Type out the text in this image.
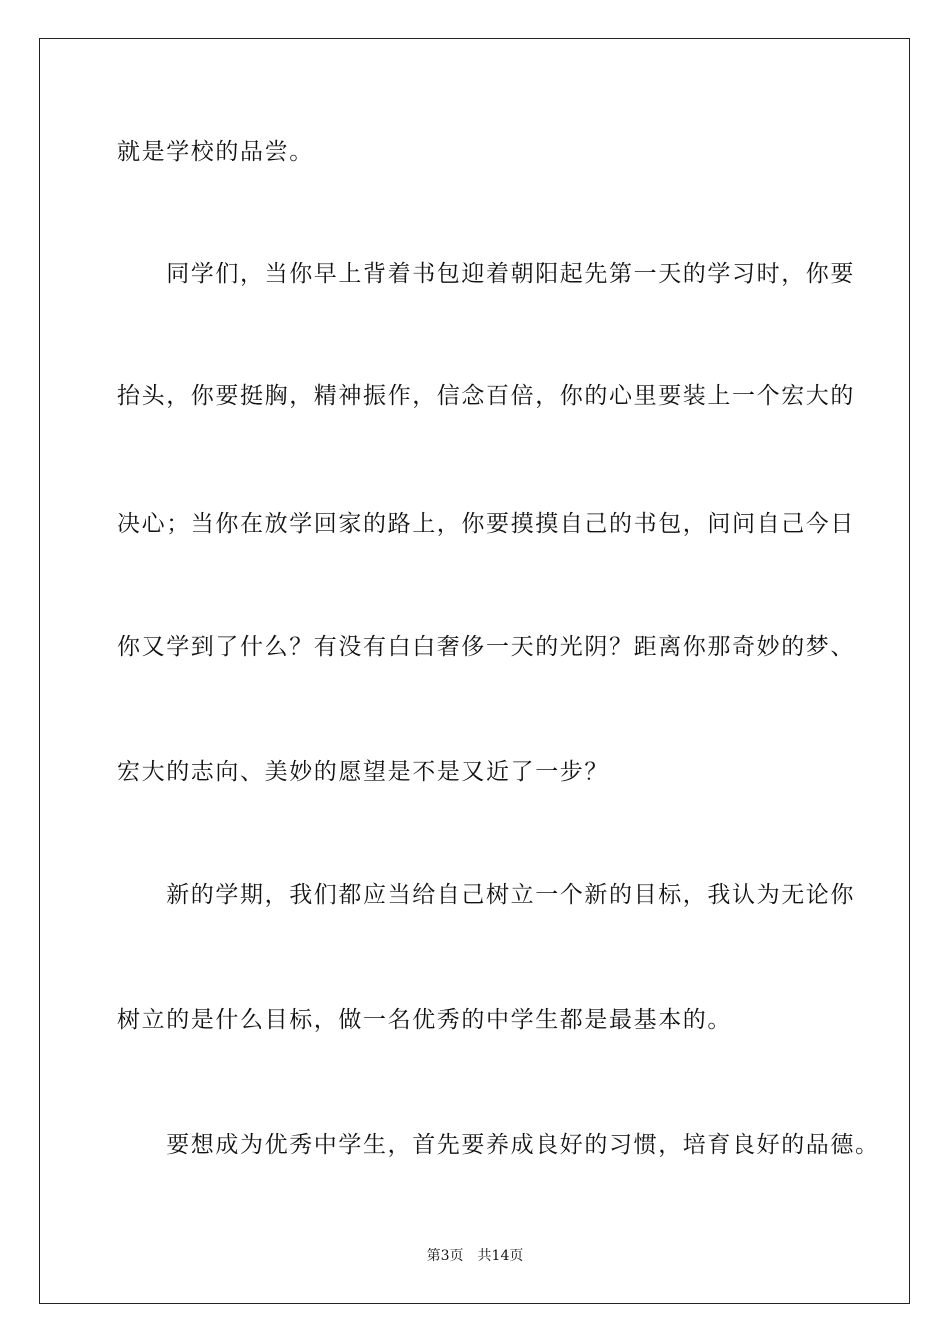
就是学校的品尝。
　　同学们，当你早上背着书包迎着朝阳起先第一天的学习时，你要
抬头，你要挺胸，精神振作，信念百倍，你的心里要装上一个宏大的
决心；当你在放学回家的路上，你要摸摸自己的书包，问问自己今日
你又学到了什么？有没有白白奢侈一天的光阴？距离你那奇妙的梦、
宏大的志向、美妙的愿望是不是又近了一步？
　　新的学期，我们都应当给自己树立一个新的目标，我认为无论你
树立的是什么目标，做一名优秀的中学生都是最基本的。
　　要想成为优秀中学生，首先要养成良好的习惯，培育良好的品德。
第3页　共14页
